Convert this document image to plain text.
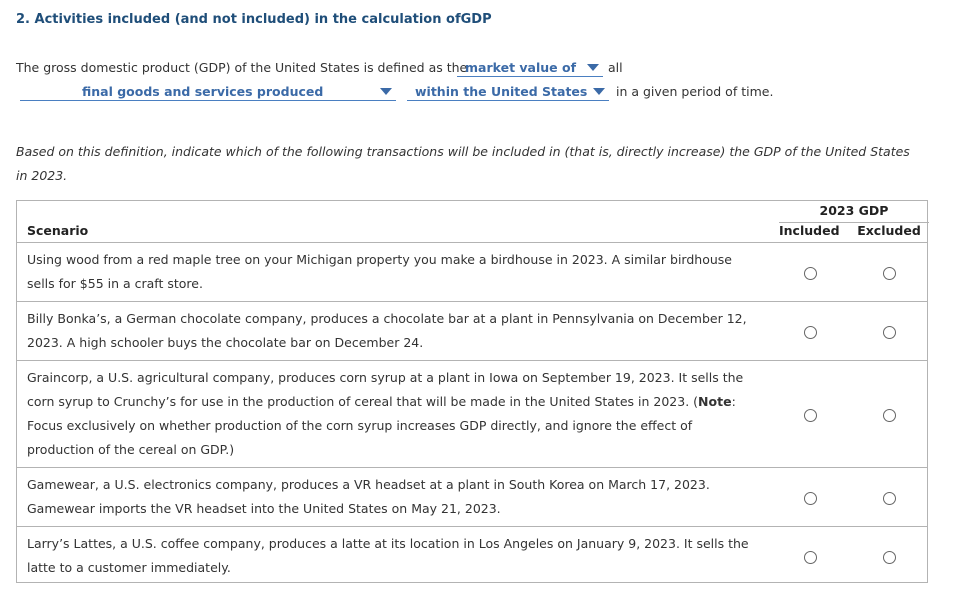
2. Activities included (and not included) in the calculation ofGDP
The gross domestic product (GDP) of the United States is defined as the
market value of	all
final goods and services produced	within the United States in a given period of time.
Based on this definition, indicate which of the following transactions will be included in (that is, directly increase) the GDP of the United States in 2023.
2023 GDP
Scenario	Included Excluded
Using wood from a red maple tree on your Michigan property you make a birdhouse in 2023. A similar birdhouse sells for $55 in a craft store.
Billy Bonka’s, a German chocolate company, produces a chocolate bar at a plant in Pennsylvania on December 12, 2023. A high schooler buys the chocolate bar on December 24.
Graincorp, a U.S. agricultural company, produces corn syrup at a plant in Iowa on September 19, 2023. It sells the corn syrup to Crunchy’s for use in the production of cereal that will be made in the United States in 2023. (Note: Focus exclusively on whether production of the corn syrup increases GDP directly, and ignore the effect of production of the cereal on GDP.)
Gamewear, a U.S. electronics company, produces a VR headset at a plant in South Korea on March 17, 2023. Gamewear imports the VR headset into the United States on May 21, 2023.
Larry’s Lattes, a U.S. coffee company, produces a latte at its location in Los Angeles on January 9, 2023. It sells the latte to a customer immediately.
